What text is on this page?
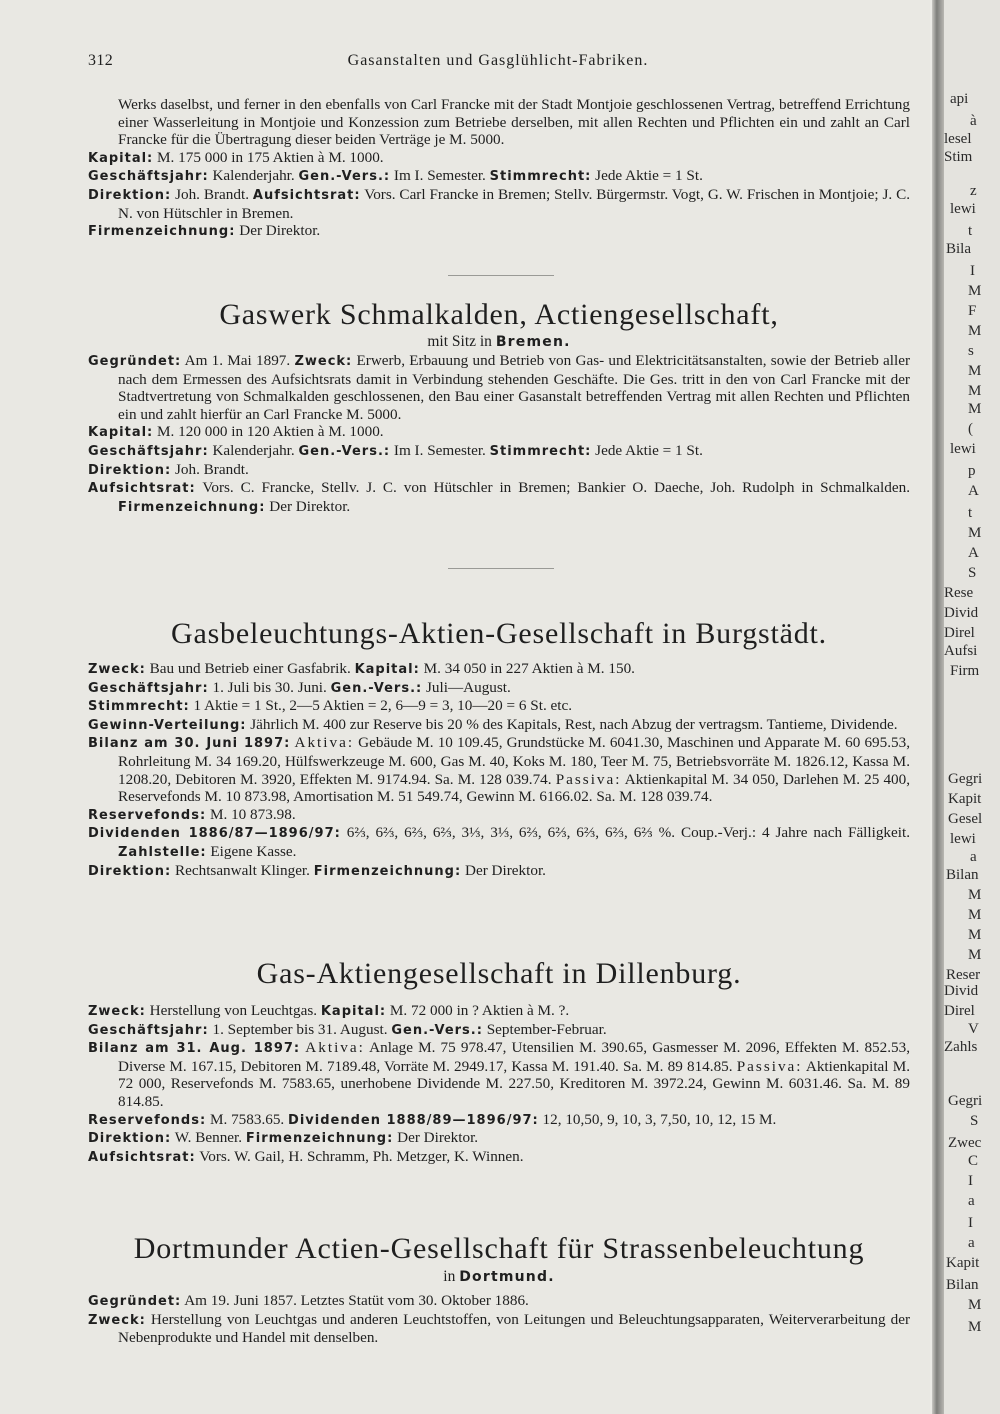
312	Gasanstalten und Gasglühlicht-Fabriken.

Werks daselbst, und ferner in den ebenfalls von Carl Francke mit der Stadt Montjoie geschlossenen Vertrag, betreffend Errichtung einer Wasserleitung in Montjoie und Konzession zum Betriebe derselben, mit allen Rechten und Pflichten ein und zahlt an Carl Francke für die Übertragung dieser beiden Verträge je M. 5000.

Kapital: M. 175 000 in 175 Aktien à M. 1000.

Geschäftsjahr: Kalenderjahr. Gen.-Vers.: Im I. Semester. Stimmrecht: Jede Aktie = 1 St.

Direktion: Joh. Brandt. Aufsichtsrat: Vors. Carl Francke in Bremen; Stellv. Bürgermstr. Vogt, G. W. Frischen in Montjoie; J. C. N. von Hütschler in Bremen.

Firmenzeichnung: Der Direktor.

Gaswerk Schmalkalden, Actiengesellschaft,
mit Sitz in Bremen.

Gegründet: Am 1. Mai 1897. Zweck: Erwerb, Erbauung und Betrieb von Gas- und Elektricitätsanstalten, sowie der Betrieb aller nach dem Ermessen des Aufsichtsrats damit in Verbindung stehenden Geschäfte. Die Ges. tritt in den von Carl Francke mit der Stadtvertretung von Schmalkalden geschlossenen, den Bau einer Gasanstalt betreffenden Vertrag mit allen Rechten und Pflichten ein und zahlt hierfür an Carl Francke M. 5000.

Kapital: M. 120 000 in 120 Aktien à M. 1000.

Geschäftsjahr: Kalenderjahr. Gen.-Vers.: Im I. Semester. Stimmrecht: Jede Aktie = 1 St.

Direktion: Joh. Brandt.

Aufsichtsrat: Vors. C. Francke, Stellv. J. C. von Hütschler in Bremen; Bankier O. Daeche, Joh. Rudolph in Schmalkalden. Firmenzeichnung: Der Direktor.

Gasbeleuchtungs-Aktien-Gesellschaft in Burgstädt.

Zweck: Bau und Betrieb einer Gasfabrik. Kapital: M. 34 050 in 227 Aktien à M. 150.

Geschäftsjahr: 1. Juli bis 30. Juni. Gen.-Vers.: Juli—August.

Stimmrecht: 1 Aktie = 1 St., 2—5 Aktien = 2, 6—9 = 3, 10—20 = 6 St. etc.

Gewinn-Verteilung: Jährlich M. 400 zur Reserve bis 20 % des Kapitals, Rest, nach Abzug der vertragsm. Tantieme, Dividende.

Bilanz am 30. Juni 1897: Aktiva: Gebäude M. 10 109.45, Grundstücke M. 6041.30, Maschinen und Apparate M. 60 695.53, Rohrleitung M. 34 169.20, Hülfswerkzeuge M. 600, Gas M. 40, Koks M. 180, Teer M. 75, Betriebsvorräte M. 1826.12, Kassa M. 1208.20, Debitoren M. 3920, Effekten M. 9174.94. Sa. M. 128 039.74. Passiva: Aktienkapital M. 34 050, Darlehen M. 25 400, Reservefonds M. 10 873.98, Amortisation M. 51 549.74, Gewinn M. 6166.02. Sa. M. 128 039.74.

Reservefonds: M. 10 873.98.

Dividenden 1886/87—1896/97: 6⅔, 6⅔, 6⅔, 6⅔, 3⅓, 3⅓, 6⅔, 6⅔, 6⅔, 6⅔, 6⅔ %. Coup.-Verj.: 4 Jahre nach Fälligkeit. Zahlstelle: Eigene Kasse.

Direktion: Rechtsanwalt Klinger. Firmenzeichnung: Der Direktor.

Gas-Aktiengesellschaft in Dillenburg.

Zweck: Herstellung von Leuchtgas. Kapital: M. 72 000 in ? Aktien à M. ?.

Geschäftsjahr: 1. September bis 31. August. Gen.-Vers.: September-Februar.

Bilanz am 31. Aug. 1897: Aktiva: Anlage M. 75 978.47, Utensilien M. 390.65, Gasmesser M. 2096, Effekten M. 852.53, Diverse M. 167.15, Debitoren M. 7189.48, Vorräte M. 2949.17, Kassa M. 191.40. Sa. M. 89 814.85. Passiva: Aktienkapital M. 72 000, Reservefonds M. 7583.65, unerhobene Dividende M. 227.50, Kreditoren M. 3972.24, Gewinn M. 6031.46. Sa. M. 89 814.85.

Reservefonds: M. 7583.65. Dividenden 1888/89—1896/97: 12, 10,50, 9, 10, 3, 7,50, 10, 12, 15 M.

Direktion: W. Benner. Firmenzeichnung: Der Direktor.

Aufsichtsrat: Vors. W. Gail, H. Schramm, Ph. Metzger, K. Winnen.

Dortmunder Actien-Gesellschaft für Strassenbeleuchtung
in Dortmund.

Gegründet: Am 19. Juni 1857. Letztes Statüt vom 30. Oktober 1886.

Zweck: Herstellung von Leuchtgas und anderen Leuchtstoffen, von Leitungen und Beleuchtungsapparaten, Weiterverarbeitung der Nebenprodukte und Handel mit denselben.

api
à
lesel
Stim
z
lewi
t
Bila
I
M
F
M
s
M
M
M
(
lewi
p
A
t
M
A
S
Rese
Divid
Direl
Aufsi
Firm
Gegri
Kapit
Gesel
lewi
a
Bilan
M
M
M
M
Reser
Divid
Direl
V
Zahls
Gegri
S
Zwec
C
I
a
I
a
Kapit
Bilan
M
M
